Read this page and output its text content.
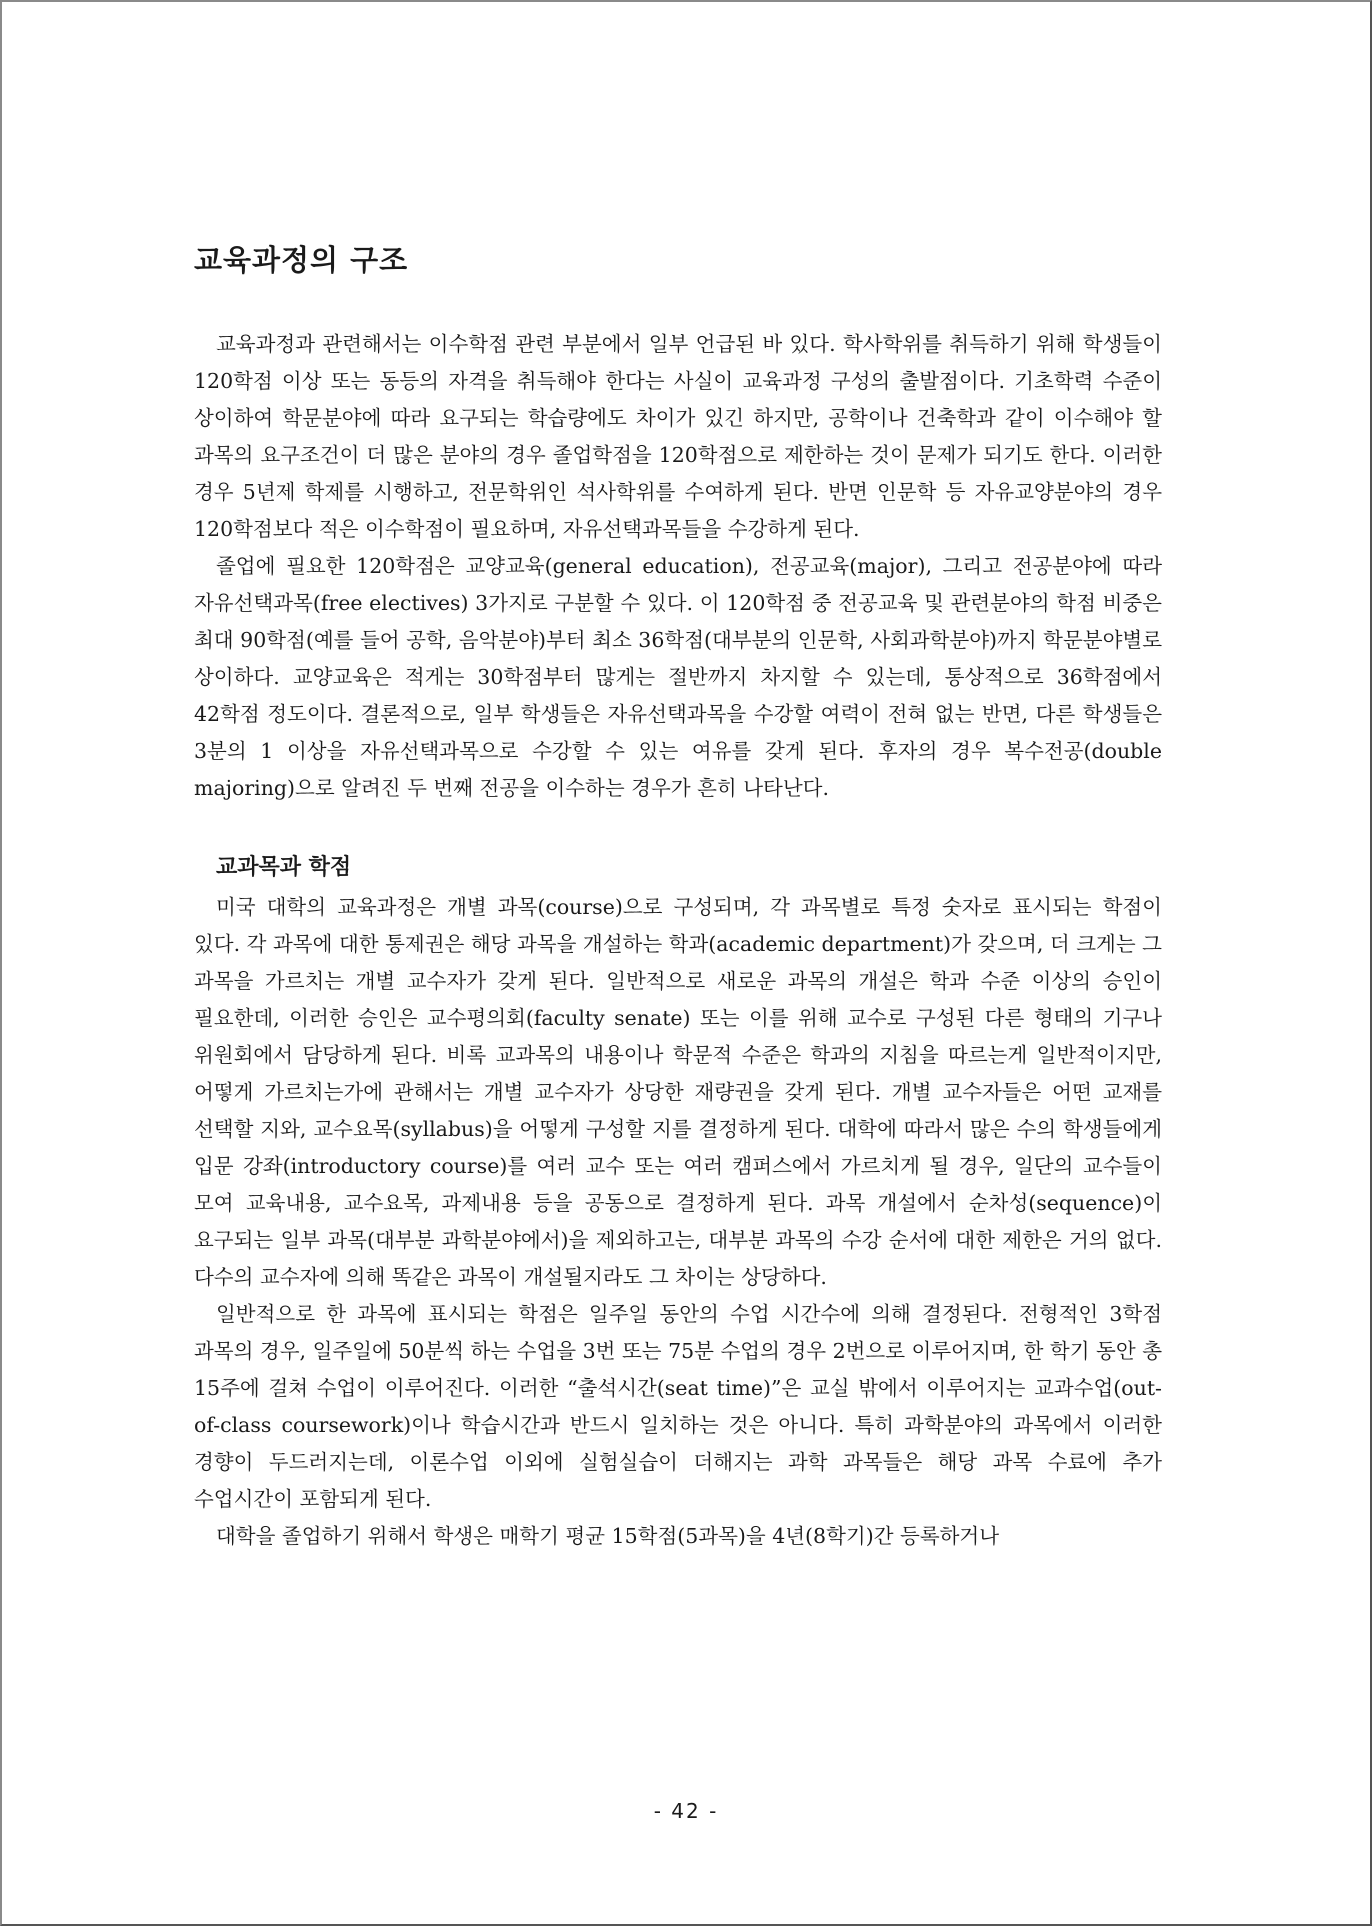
교육과정의 구조

교육과정과 관련해서는 이수학점 관련 부분에서 일부 언급된 바 있다. 학사학위를 취득하기 위해 학생들이 120학점 이상 또는 동등의 자격을 취득해야 한다는 사실이 교육과정 구성의 출발점이다. 기초학력 수준이 상이하여 학문분야에 따라 요구되는 학습량에도 차이가 있긴 하지만, 공학이나 건축학과 같이 이수해야 할 과목의 요구조건이 더 많은 분야의 경우 졸업학점을 120학점으로 제한하는 것이 문제가 되기도 한다. 이러한 경우 5년제 학제를 시행하고, 전문학위인 석사학위를 수여하게 된다. 반면 인문학 등 자유교양분야의 경우 120학점보다 적은 이수학점이 필요하며, 자유선택과목들을 수강하게 된다.

졸업에 필요한 120학점은 교양교육(general education), 전공교육(major), 그리고 전공분야에 따라 자유선택과목(free electives) 3가지로 구분할 수 있다. 이 120학점 중 전공교육 및 관련분야의 학점 비중은 최대 90학점(예를 들어 공학, 음악분야)부터 최소 36학점(대부분의 인문학, 사회과학분야)까지 학문분야별로 상이하다. 교양교육은 적게는 30학점부터 많게는 절반까지 차지할 수 있는데, 통상적으로 36학점에서 42학점 정도이다. 결론적으로, 일부 학생들은 자유선택과목을 수강할 여력이 전혀 없는 반면, 다른 학생들은 3분의 1 이상을 자유선택과목으로 수강할 수 있는 여유를 갖게 된다. 후자의 경우 복수전공(double majoring)으로 알려진 두 번째 전공을 이수하는 경우가 흔히 나타난다.

교과목과 학점

미국 대학의 교육과정은 개별 과목(course)으로 구성되며, 각 과목별로 특정 숫자로 표시되는 학점이 있다. 각 과목에 대한 통제권은 해당 과목을 개설하는 학과(academic department)가 갖으며, 더 크게는 그 과목을 가르치는 개별 교수자가 갖게 된다. 일반적으로 새로운 과목의 개설은 학과 수준 이상의 승인이 필요한데, 이러한 승인은 교수평의회(faculty senate) 또는 이를 위해 교수로 구성된 다른 형태의 기구나 위원회에서 담당하게 된다. 비록 교과목의 내용이나 학문적 수준은 학과의 지침을 따르는게 일반적이지만, 어떻게 가르치는가에 관해서는 개별 교수자가 상당한 재량권을 갖게 된다. 개별 교수자들은 어떤 교재를 선택할 지와, 교수요목(syllabus)을 어떻게 구성할 지를 결정하게 된다. 대학에 따라서 많은 수의 학생들에게 입문 강좌(introductory course)를 여러 교수 또는 여러 캠퍼스에서 가르치게 될 경우, 일단의 교수들이 모여 교육내용, 교수요목, 과제내용 등을 공동으로 결정하게 된다. 과목 개설에서 순차성(sequence)이 요구되는 일부 과목(대부분 과학분야에서)을 제외하고는, 대부분 과목의 수강 순서에 대한 제한은 거의 없다. 다수의 교수자에 의해 똑같은 과목이 개설될지라도 그 차이는 상당하다.

일반적으로 한 과목에 표시되는 학점은 일주일 동안의 수업 시간수에 의해 결정된다. 전형적인 3학점 과목의 경우, 일주일에 50분씩 하는 수업을 3번 또는 75분 수업의 경우 2번으로 이루어지며, 한 학기 동안 총 15주에 걸쳐 수업이 이루어진다. 이러한 “출석시간(seat time)”은 교실 밖에서 이루어지는 교과수업(out-of-class coursework)이나 학습시간과 반드시 일치하는 것은 아니다. 특히 과학분야의 과목에서 이러한 경향이 두드러지는데, 이론수업 이외에 실험실습이 더해지는 과학 과목들은 해당 과목 수료에 추가 수업시간이 포함되게 된다.

대학을 졸업하기 위해서 학생은 매학기 평균 15학점(5과목)을 4년(8학기)간 등록하거나

- 42 -
